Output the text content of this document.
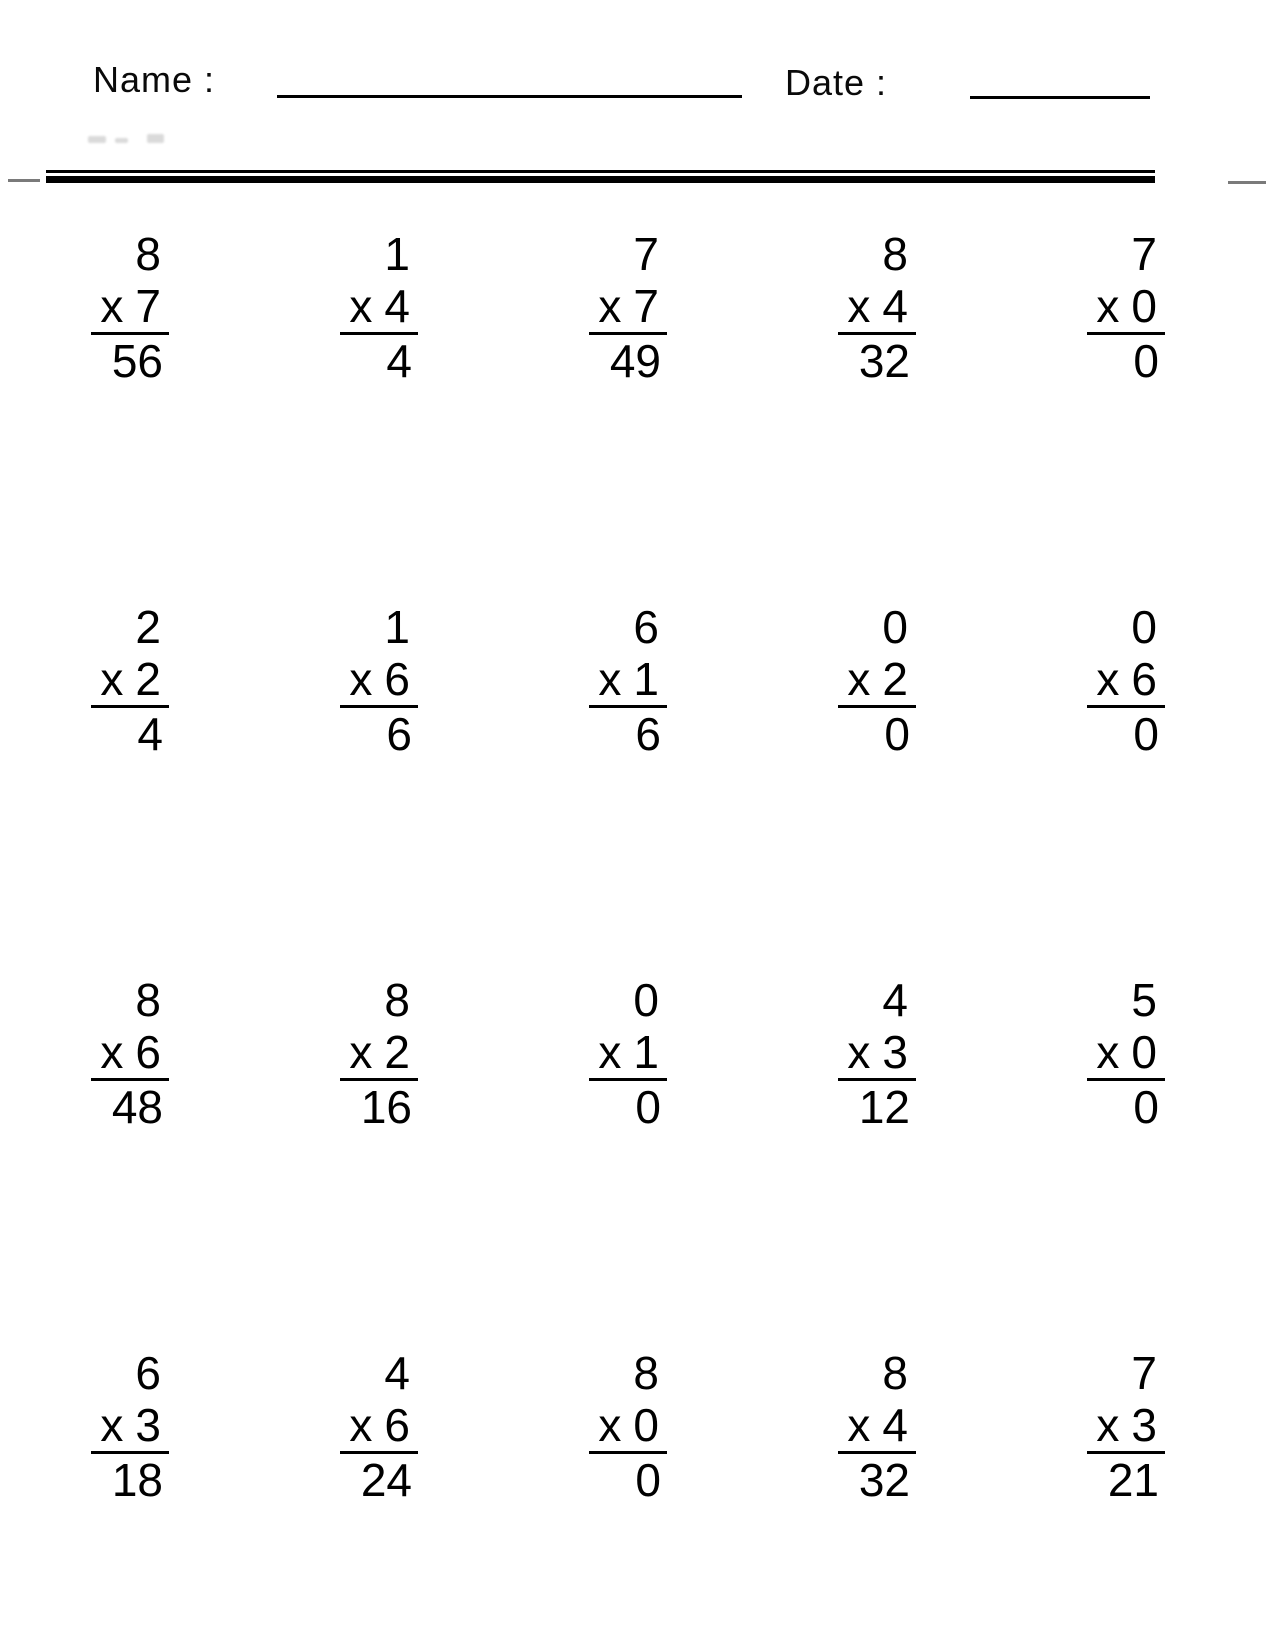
Name :	Date :
8
x 7
56
1
x 4
4
7
x 7
49
8
x 4
32
7
x 0
0
2
x 2
4
1
x 6
6
6
x 1
6
0
x 2
0
0
x 6
0
8
x 6
48
8
x 2
16
0
x 1
0
4
x 3
12
5
x 0
0
6
x 3
18
4
x 6
24
8
x 0
0
8
x 4
32
7
x 3
21
